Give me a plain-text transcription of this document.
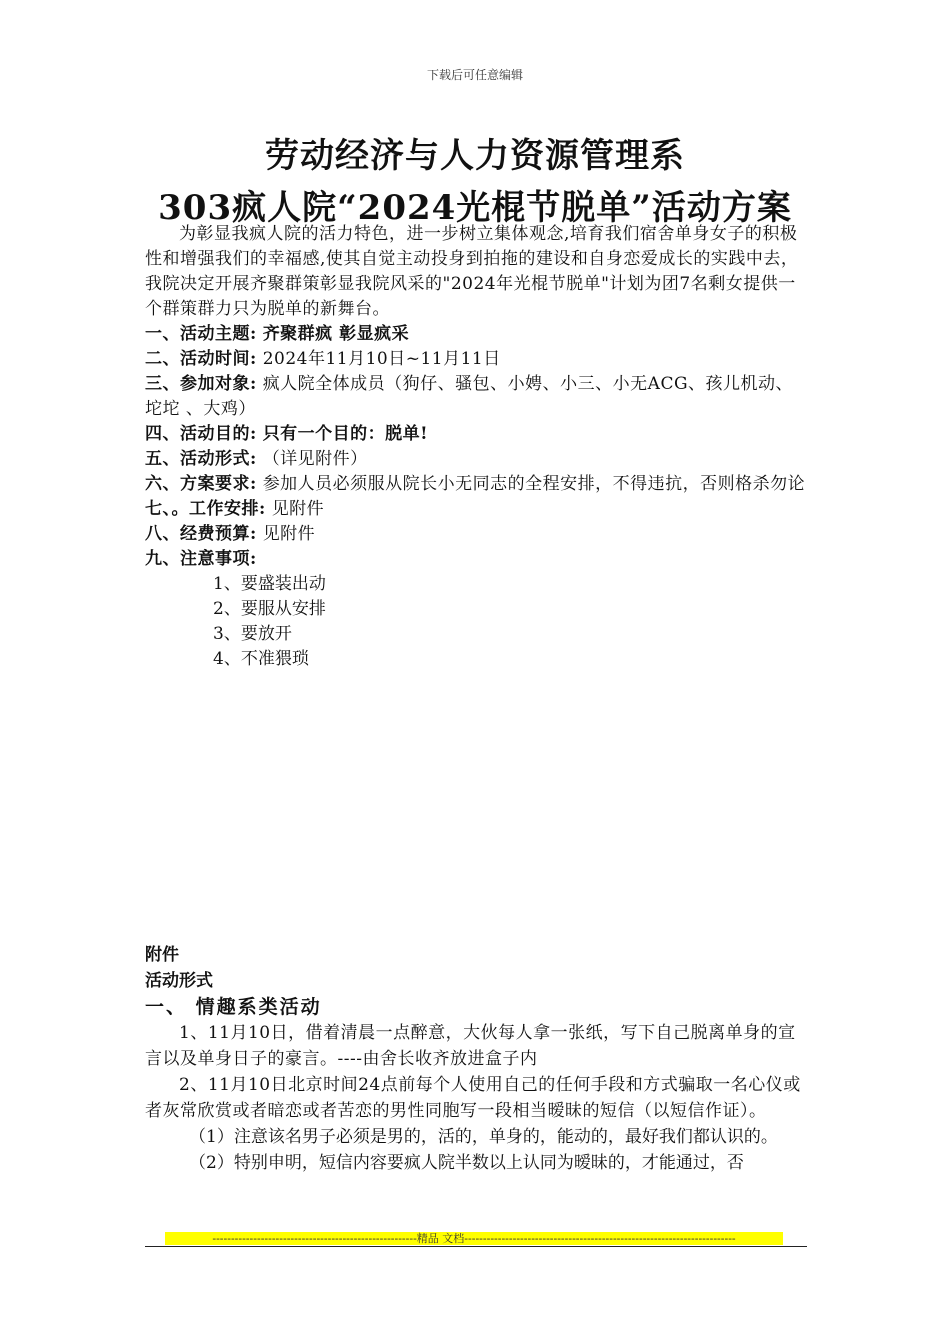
下载后可任意编辑
劳动经济与人力资源管理系
303疯人院“2024光棍节脱单”活动方案

为彰显我疯人院的活力特色，进一步树立集体观念,培育我们宿舍单身女子的积极性和增强我们的幸福感,使其自觉主动投身到拍拖的建设和自身恋爱成长的实践中去，我院决定开展齐聚群策彰显我院风采的"2024年光棍节脱单"计划为团7名剩女提供一个群策群力只为脱单的新舞台。

一、活动主题: 齐聚群疯 彰显疯采

二、活动时间: 2024年11月10日~11月11日

三、参加对象: 疯人院全体成员（狗仔、骚包、小娉、小三、小无ACG、孩儿机动、坨坨 、大鸡）

四、活动目的: 只有一个目的：脱单!

五、活动形式: （详见附件）

六、方案要求: 参加人员必须服从院长小无同志的全程安排，不得违抗，否则格杀勿论

七、。工作安排: 见附件

八、经费预算: 见附件

九、注意事项:

1、要盛装出动

2、要服从安排

3、要放开

4、不准猥琐

附件

活动形式

一、 情趣系类活动

1、11月10日，借着清晨一点醉意，大伙每人拿一张纸，写下自己脱离单身的宣言以及单身日子的豪言。----由舍长收齐放进盒子内

2、11月10日北京时间24点前每个人使用自己的任何手段和方式骗取一名心仪或者灰常欣赏或者暗恋或者苦恋的男性同胞写一段相当暧昧的短信（以短信作证）。

（1）注意该名男子必须是男的，活的，单身的，能动的，最好我们都认识的。

（2）特别申明，短信内容要疯人院半数以上认同为暧昧的，才能通过，否

-------------------------------------------------------精品 文档-------------------------------------------------------------------------
